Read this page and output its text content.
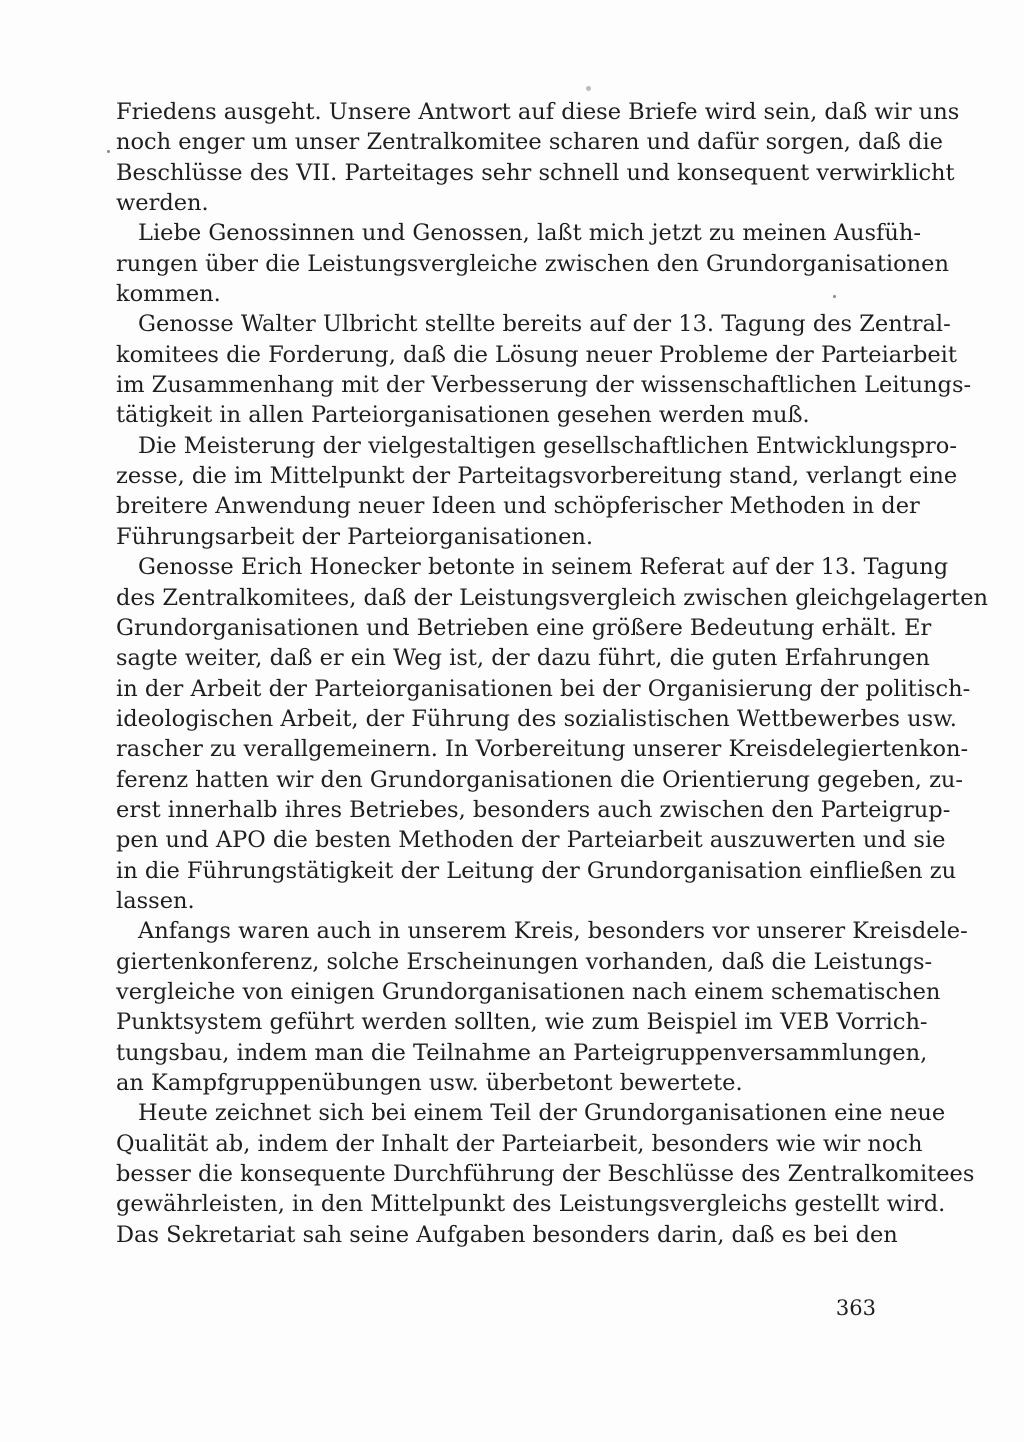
Friedens ausgeht. Unsere Antwort auf diese Briefe wird sein, daß wir uns
noch enger um unser Zentralkomitee scharen und dafür sorgen, daß die
Beschlüsse des VII. Parteitages sehr schnell und konsequent verwirklicht
werden.
Liebe Genossinnen und Genossen, laßt mich jetzt zu meinen Ausfüh-
rungen über die Leistungsvergleiche zwischen den Grundorganisationen
kommen.
Genosse Walter Ulbricht stellte bereits auf der 13. Tagung des Zentral-
komitees die Forderung, daß die Lösung neuer Probleme der Parteiarbeit
im Zusammenhang mit der Verbesserung der wissenschaftlichen Leitungs-
tätigkeit in allen Parteiorganisationen gesehen werden muß.
Die Meisterung der vielgestaltigen gesellschaftlichen Entwicklungspro-
zesse, die im Mittelpunkt der Parteitagsvorbereitung stand, verlangt eine
breitere Anwendung neuer Ideen und schöpferischer Methoden in der
Führungsarbeit der Parteiorganisationen.
Genosse Erich Honecker betonte in seinem Referat auf der 13. Tagung
des Zentralkomitees, daß der Leistungsvergleich zwischen gleichgelagerten
Grundorganisationen und Betrieben eine größere Bedeutung erhält. Er
sagte weiter, daß er ein Weg ist, der dazu führt, die guten Erfahrungen
in der Arbeit der Parteiorganisationen bei der Organisierung der politisch-
ideologischen Arbeit, der Führung des sozialistischen Wettbewerbes usw.
rascher zu verallgemeinern. In Vorbereitung unserer Kreisdelegiertenkon-
ferenz hatten wir den Grundorganisationen die Orientierung gegeben, zu-
erst innerhalb ihres Betriebes, besonders auch zwischen den Parteigrup-
pen und APO die besten Methoden der Parteiarbeit auszuwerten und sie
in die Führungstätigkeit der Leitung der Grundorganisation einfließen zu
lassen.
Anfangs waren auch in unserem Kreis, besonders vor unserer Kreisdele-
giertenkonferenz, solche Erscheinungen vorhanden, daß die Leistungs-
vergleiche von einigen Grundorganisationen nach einem schematischen
Punktsystem geführt werden sollten, wie zum Beispiel im VEB Vorrich-
tungsbau, indem man die Teilnahme an Parteigruppenversammlungen,
an Kampfgruppenübungen usw. überbetont bewertete.
Heute zeichnet sich bei einem Teil der Grundorganisationen eine neue
Qualität ab, indem der Inhalt der Parteiarbeit, besonders wie wir noch
besser die konsequente Durchführung der Beschlüsse des Zentralkomitees
gewährleisten, in den Mittelpunkt des Leistungsvergleichs gestellt wird.
Das Sekretariat sah seine Aufgaben besonders darin, daß es bei den
363
